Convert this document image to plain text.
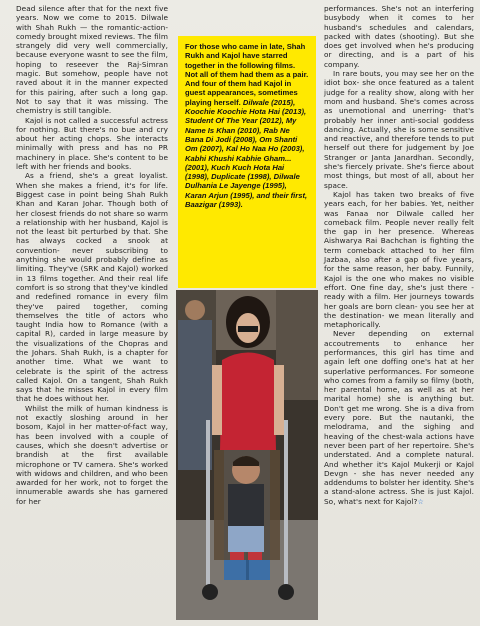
Dead silence after that for the next five years. Now we come to 2015. Dilwale with Shah Rukh — the romantic-action-comedy brought mixed reviews. The film strangely did very well commercially, because everyone wasnt to see the film, hoping to reseever the Raj-Simran magic. But somehow, people have not raved about it in the manner expected for this pairing, after such a long gap. Not to say that it was missing. The chemistry is still tangible.

Kajol is not called a successful actress for nothing. But there's no bue and cry about her acting chops. She interacts minimally with press and has no PR machinery in place. She's content to be left with her friends and books.

As a friend, she's a great loyalist. When she makes a friend, it's for life. Biggest case in point being Shah Rukh Khan and Karan Johar. Though both of her closest friends do not share so warm a relationship with her husband, Kajol is not the least bit perturbed by that. She has always cocked a snook at convention- never subscribing to anything she would probably define as limiting. They've (SRK and Kajol) worked in 13 films together. And their real life comfort is so strong that they've kindled and redefined romance in every film they've paired together, coming themselves the title of actors who taught India how to Romance (with a capital R), carded in large measure by the visualizations of the Chopras and the Johars. Shah Rukh, is a chapter for another time. What we want to celebrate is the spirit of the actress called Kajol. On a tangent, Shah Rukh says that he misses Kajol in every film that he does without her.

Whilst the milk of human kindness is not exactly sloshing around in her bosom, Kajol in her matter-of-fact way, has been involved with a couple of causes, which she doesn't advertise or brandish at the first available microphone or TV camera. She's worked with widows and children, and who been awarded for her work, not to forget the innumerable awards she has garnered for her

For those who came in late, Shah Rukh and Kajol have starred together in the following films. Not all of them had them as a pair. And four of them had Kajol in guest appearances, sometimes playing herself. Dilwale (2015), Koochie Koochie Hota Hai (2013), Student Of The Year (2012), My Name Is Khan (2010), Rab Ne Bana Di Jodi (2008), Om Shanti Om (2007), Kal Ho Naa Ho (2003), Kabhi Khushi Kabhie Gham... (2001), Kuch Kuch Hota Hai (1998), Duplicate (1998), Dilwale Dulhania Le Jayenge (1995), Karan Arjun (1995), and their first, Baazigar (1993).

performances. She's not an interfering busybody when it comes to her husband's schedules and calendars, packed with dates (shooting). But she does get involved when he's producing or directing, and is a part of his company.

In rare bouts, you may see her on the idiot box- she once featured as a talent judge for a reality show, along with her mom and husband. She's comes across as unemotional and unerring- that's probably her inner anti-social goddess dancing. Actually, she is some sensitive and reactive, and therefore tends to put herself out there for judgement by Joe Stranger or Janta Janardhan. Secondly, she's fiercely private. She's fierce about most things, but most of all, about her space.

Kajol has taken two breaks of five years each, for her babies. Yet, neither was Fanaa nor Dilwale called her comeback film. People never really felt the gap in her presence. Whereas Aishwarya Rai Bachchan is fighting the term comeback attached to her film Jazbaa, also after a gap of five years, for the same reason, her baby. Funnily, Kajol is the one who makes no visible effort. One fine day, she's just there - ready with a film. Her journeys towards her goals are born clean- you see her at the destination- we mean literally and metaphorically.

Never depending on external accoutrements to enhance her performances, this girl has time and again left one doffing one's hat at her superlative performances. For someone who comes from a family so filmy (both, her parental home, as well as at her marital home) she is anything but. Don't get me wrong. She is a diva from every pore. But the nautanki, the melodrama, and the sighing and heaving of the chest-wala actions have never been part of her repertoire. She's understated. And a complete natural. And whether it's Kajol Mukerji or Kajol Devgn - she has never needed any addendums to bolster her identity. She's a stand-alone actress. She is just Kajol. So, what's next for Kajol?☆
